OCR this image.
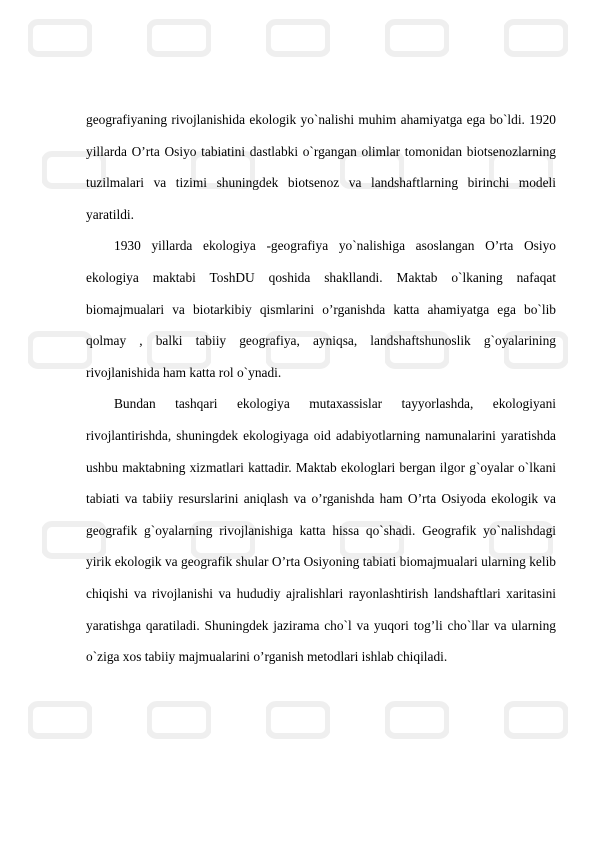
geografiyaning rivojlanishida ekologik yo`nalishi muhim ahamiyatga ega bo`ldi. 1920 yillarda O’rta Osiyo tabiatini dastlabki o`rgangan olimlar tomonidan biotsenozlarning tuzilmalari va tizimi shuningdek biotsenoz va landshaftlarning birinchi modeli yaratildi.

1930 yillarda ekologiya -geografiya yo`nalishiga asoslangan O’rta Osiyo ekologiya maktabi ToshDU qoshida shakllandi. Maktab o`lkaning nafaqat biomajmualari va biotarkibiy qismlarini o’rganishda katta ahamiyatga ega bo`lib qolmay , balki tabiiy geografiya, ayniqsa, landshaftshunoslik g`oyalarining rivojlanishida ham katta rol o`ynadi.

Bundan tashqari ekologiya mutaxassislar tayyorlashda, ekologiyani rivojlantirishda, shuningdek ekologiyaga oid adabiyotlarning namunalarini yaratishda ushbu maktabning xizmatlari kattadir. Maktab ekologlari bergan ilgor g`oyalar o`lkani tabiati va tabiiy resurslarini aniqlash va o’rganishda ham O’rta Osiyoda ekologik va geografik g`oyalarning rivojlanishiga katta hissa qo`shadi. Geografik yo`nalishdagi yirik ekologik va geografik shular O’rta Osiyoning tabiati biomajmualari ularning kelib chiqishi va rivojlanishi va hududiy ajralishlari rayonlashtirish landshaftlari xaritasini yaratishga qaratiladi. Shuningdek jazirama cho`l va yuqori tog’li cho`llar va ularning o`ziga xos tabiiy majmualarini o’rganish metodlari ishlab chiqiladi.
